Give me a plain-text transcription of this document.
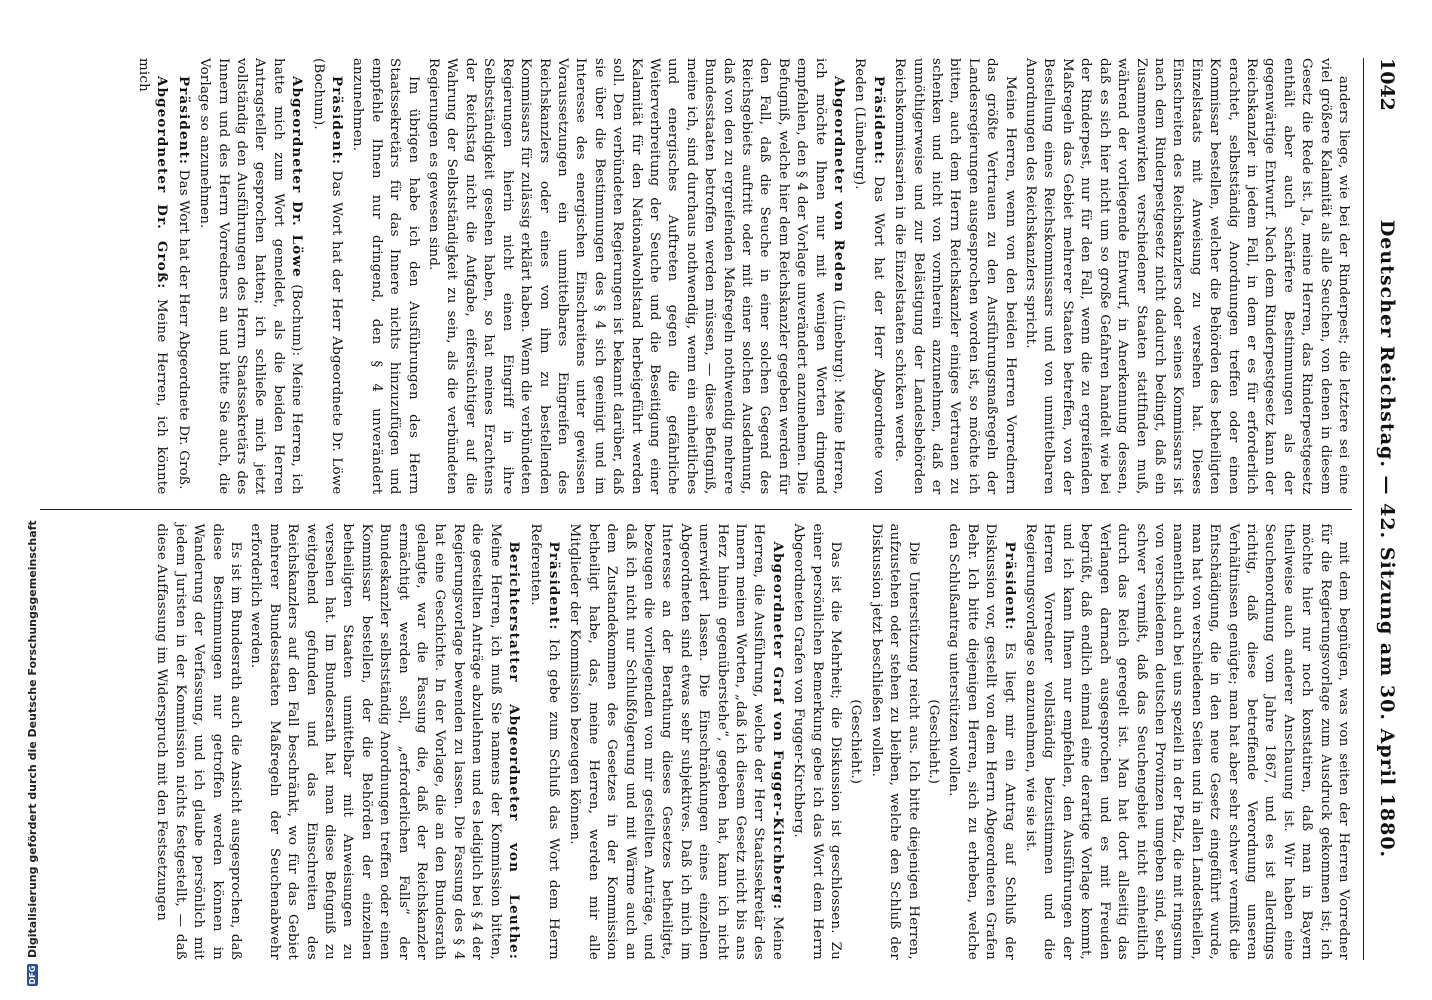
1042
Deutscher Reichstag. — 42. Sitzung am 30. April 1880.

anders liege, wie bei der Rinderpest; die letztere sei eine viel größere Kalamität als alle Seuchen, von denen in diesem Gesetz die Rede ist. Ja, meine Herren, das Rinderpestgesetz enthält aber auch schärfere Bestimmungen als der gegenwärtige Entwurf. Nach dem Rinderpestgesetz kann der Reichskanzler in jedem Fall, in dem er es für erforderlich erachtet, selbstständig Anordnungen treffen oder einen Kommissar bestellen, welcher die Behörden des betheiligten Einzelstaats mit Anweisung zu versehen hat. Dieses Einschreiten des Reichskanzlers oder seines Kommissars ist nach dem Rinderpestgesetz nicht dadurch bedingt, daß ein Zusammenwirken verschiedener Staaten stattfinden muß, während der vorliegende Entwurf, in Anerkennung dessen, daß es sich hier nicht um so große Gefahren handelt wie bei der Rinderpest, nur für den Fall, wenn die zu ergreifenden Maßregeln das Gebiet mehrerer Staaten betreffen, von der Bestellung eines Reichskommissars und von unmittelbaren Anordnungen des Reichskanzlers spricht.

Meine Herren, wenn von den beiden Herren Vorrednern das größte Vertrauen zu den Ausführungsmaßregeln der Landesregierungen ausgesprochen worden ist, so möchte ich bitten, auch dem Herrn Reichskanzler einiges Vertrauen zu schenken und nicht von vornherein anzunehmen, daß er unnöthigerweise und zur Belästigung der Landesbehörden Reichskommissarien in die Einzelstaaten schicken werde.

Präsident: Das Wort hat der Herr Abgeordnete von Reden (Lüneburg).

Abgeordneter von Reden (Lüneburg): Meine Herren, ich möchte Ihnen nur mit wenigen Worten dringend empfehlen, den § 4 der Vorlage unverändert anzunehmen. Die Befugniß, welche hier dem Reichskanzler gegeben werden für den Fall, daß die Seuche in einer solchen Gegend des Reichsgebiets auftritt oder mit einer solchen Ausdehnung, daß von den zu ergreifenden Maßregeln nothwendig mehrere Bundesstaaten betroffen werden müssen, — diese Befugniß, meine ich, sind durchaus nothwendig, wenn ein einheitliches und energisches Auftreten gegen die gefährliche Weiterverbreitung der Seuche und die Beseitigung einer Kalamität für den Nationalwohlstand herbeigeführt werden soll. Den verbündeten Regierungen ist bekannt darüber, daß sie über die Bestimmungen des § 4 sich geeinigt und im Interesse des energischen Einschreitens unter gewissen Voraussetzungen ein unmittelbares Eingreifen des Reichskanzlers oder eines von ihm zu bestellenden Kommissars für zulässig erklärt haben. Wenn die verbündeten Regierungen hierin nicht einen Eingriff in ihre Selbstständigkeit gesehen haben, so hat meines Erachtens der Reichstag nicht die Aufgabe, eifersüchtiger auf die Wahrung der Selbstständigkeit zu sein, als die verbündeten Regierungen es gewesen sind.

Im übrigen habe ich den Ausführungen des Herrn Staatssekretärs für das Innere nichts hinzuzufügen und empfehle Ihnen nur dringend, den § 4 unverändert anzunehmen.

Präsident: Das Wort hat der Herr Abgeordnete Dr. Löwe (Bochum).

Abgeordneter Dr. Löwe (Bochum): Meine Herren, ich hatte mich zum Wort gemeldet, als die beiden Herren Antragsteller gesprochen hatten; ich schließe mich jetzt vollständig den Ausführungen des Herrn Staatssekretärs des Innern und des Herrn Vorredners an und bitte Sie auch, die Vorlage so anzunehmen.

Präsident: Das Wort hat der Herr Abgeordnete Dr. Groß.

Abgeordneter Dr. Groß: Meine Herren, ich könnte mich

mit dem begnügen, was von seiten der Herren Vorredner für die Regierungsvorlage zum Ausdruck gekommen ist; ich möchte hier nur noch konstatiren, daß man in Bayern theilweise auch anderer Anschauung ist. Wir haben eine Seuchenordnung vom Jahre 1867, und es ist allerdings richtig, daß diese betreffende Verordnung unseren Verhältnissen genügte; man hat aber sehr schwer vermißt die Entschädigung, die in den neue Gesetz eingeführt wurde, man hat von verschiedenen Seiten und in allen Landestheilen, namentlich auch bei uns speziell in der Pfalz, die mit ringsum von verschiedenen deutschen Provinzen umgeben sind, sehr schwer vermißt, daß das Seuchengebiet nicht einheitlich durch das Reich geregelt ist. Man hat dort allseitig das Verlangen darnach ausgesprochen und es mit Freuden begrüßt, daß endlich einmal eine derartige Vorlage kommt, und ich kann Ihnen nur empfehlen, den Ausführungen der Herren Vorredner vollständig beizustimmen und die Regierungsvorlage so anzunehmen, wie sie ist.

Präsident: Es liegt mir ein Antrag auf Schluß der Diskussion vor, gestellt von dem Herrn Abgeordneten Grafen Behr. Ich bitte diejenigen Herren, sich zu erheben, welche den Schlußantrag unterstützen wollen.

(Geschieht.)

Die Unterstützung reicht aus. Ich bitte diejenigen Herren, aufzustehen oder stehen zu bleiben, welche den Schluß der Diskussion jetzt beschließen wollen.

(Geschieht.)

Das ist die Mehrheit; die Diskussion ist geschlossen. Zu einer persönlichen Bemerkung gebe ich das Wort dem Herrn Abgeordneten Grafen von Fugger-Kirchberg.

Abgeordneter Graf von Fugger-Kirchberg: Meine Herren, die Ausführung, welche der Herr Staatssekretär des Innern meinen Worten, „daß ich diesem Gesetz nicht bis ans Herz hinein gegenüberstehe“, gegeben hat, kann ich nicht unerwidert lassen. Die Einschränkungen eines einzelnen Abgeordneten sind etwas sehr subjektives. Daß ich mich im Interesse an der Berathung dieses Gesetzes betheiligte, bezeugen die vorliegenden von mir gestellten Anträge, und daß ich nicht nur Schlußfolgerung und mit Wärme auch an dem Zustandekommen des Gesetzes in der Kommission betheiligt habe, das, meine Herren, werden mir alle Mitglieder der Kommission bezeugen können.

Präsident: Ich gebe zum Schluß das Wort dem Herrn Referenten.

Berichterstatter Abgeordneter von Leuthe: Meine Herren, ich muß Sie namens der Kommission bitten, die gestellten Anträge abzulehnen und es lediglich bei § 4 der Regierungsvorlage bewenden zu lassen. Die Fassung des § 4 hat eine Geschichte. In der Vorlage, die an den Bundesrath gelangte, war die Fassung die, daß der Reichskanzler ermächtigt werden soll, „erforderlichen Falls“ der Bundeskanzler selbstständig Anordnungen treffen oder einen Kommissar bestellen, der die Behörden der einzelnen betheiligten Staaten unmittelbar mit Anweisungen zu versehen hat. Im Bundesrath hat man diese Befugniß zu weitgehend gefunden und das Einschreiten des Reichskanzlers auf den Fall beschränkt, wo für das Gebiet mehrerer Bundesstaaten Maßregeln der Seuchenabwehr erforderlich werden.

Es ist im Bundesrath auch die Ansicht ausgesprochen, daß diese Bestimmungen nur getroffen werden können in Wanderung der Verfassung, und ich glaube persönlich mit jedem Juristen in der Kommission nichts festgestellt, — daß diese Auffassung im Widerspruch mit den Festsetzungen

DFG
Digitalisierung gefördert durch die Deutsche Forschungsgemeinschaft
